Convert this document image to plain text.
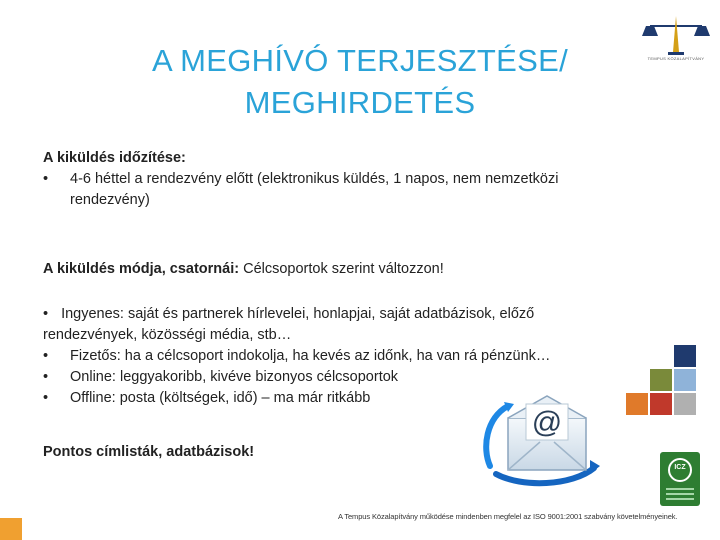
A MEGHÍVÓ TERJESZTÉSE/
MEGHIRDETÉS
TEMPUS KÖZALAPÍTVÁNY
A kiküldés időzítése:
• 4-6 héttel a rendezvény előtt (elektronikus küldés, 1 napos, nem nemzetközi
rendezvény)
A kiküldés módja, csatornái: Célcsoportok szerint változzon!
• Ingyenes: saját és partnerek hírlevelei, honlapjai, saját adatbázisok, előző
rendezvények, közösségi média, stb…
• Fizetős: ha a célcsoport indokolja, ha kevés az időnk, ha van rá pénzünk…
• Online: leggyakoribb, kivéve bizonyos célcsoportok
• Offline: posta (költségek, idő) – ma már ritkább
Pontos címlisták, adatbázisok!
@
ICZ
A Tempus Közalapítvány működése mindenben megfelel az ISO 9001:2001 szabvány követelményeinek.
